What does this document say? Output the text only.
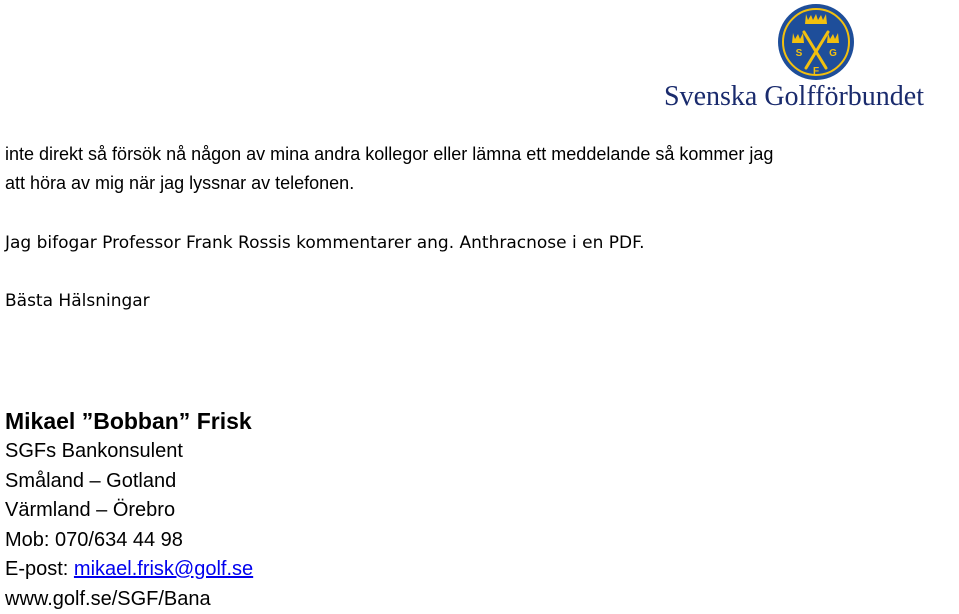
S	G
F
Svenska Golfförbundet
inte direkt så försök nå någon av mina andra kollegor eller lämna ett meddelande så kommer jag
att höra av mig när jag lyssnar av telefonen.
Jag bifogar Professor Frank Rossis kommentarer ang. Anthracnose i en PDF.
Bästa Hälsningar
Mikael ”Bobban” Frisk
SGFs Bankonsulent
Småland – Gotland
Värmland – Örebro
Mob: 070/634 44 98
E-post: mikael.frisk@golf.se
www.golf.se/SGF/Bana
